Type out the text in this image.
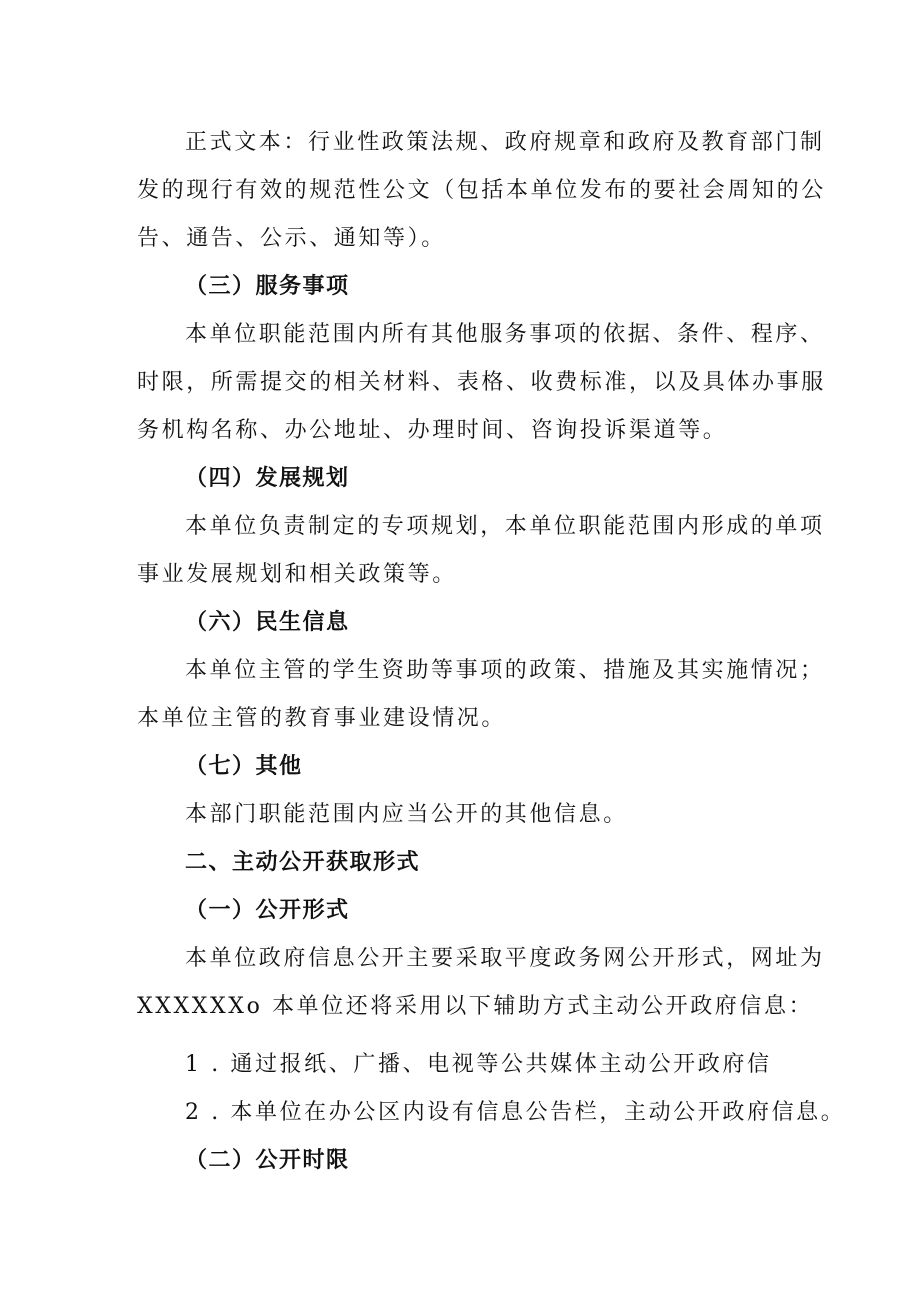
正式文本：行业性政策法规、政府规章和政府及教育部门制
发的现行有效的规范性公文（包括本单位发布的要社会周知的公
告、通告、公示、通知等）。
（三）服务事项
本单位职能范围内所有其他服务事项的依据、条件、程序、
时限，所需提交的相关材料、表格、收费标准，以及具体办事服
务机构名称、办公地址、办理时间、咨询投诉渠道等。
（四）发展规划
本单位负责制定的专项规划，本单位职能范围内形成的单项
事业发展规划和相关政策等。
（六）民生信息
本单位主管的学生资助等事项的政策、措施及其实施情况；
本单位主管的教育事业建设情况。
（七）其他
本部门职能范围内应当公开的其他信息。
二、主动公开获取形式
（一）公开形式
本单位政府信息公开主要采取平度政务网公开形式，网址为
XXXXXXo 本单位还将采用以下辅助方式主动公开政府信息：
1 . 通过报纸、广播、电视等公共媒体主动公开政府信
2 . 本单位在办公区内设有信息公告栏，主动公开政府信息。
（二）公开时限
